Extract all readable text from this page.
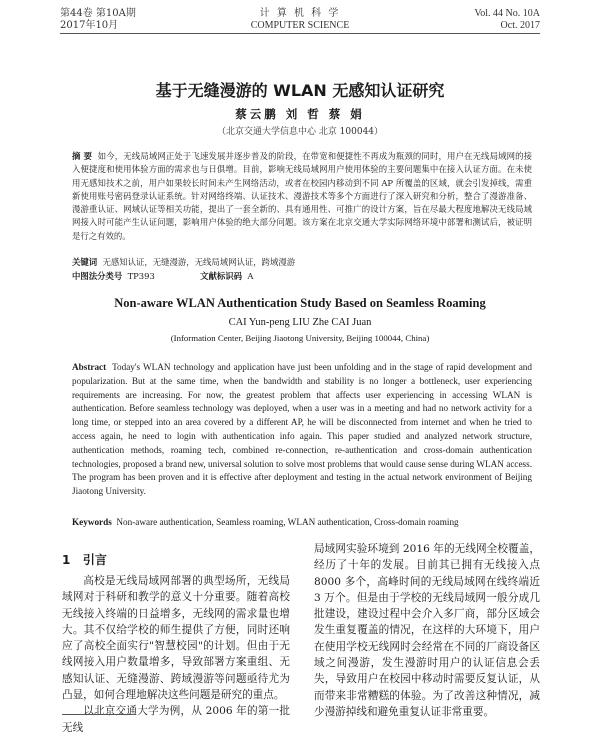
第44卷 第10A期
2017年10月
计 算 机 科 学
COMPUTER SCIENCE
Vol. 44 No. 10A
Oct. 2017
基于无缝漫游的 WLAN 无感知认证研究
蔡云鹏 刘 哲 蔡 娟
（北京交通大学信息中心 北京 100044）
摘 要 如今，无线局域网正处于飞速发展并逐步普及的阶段，在带宽和便捷性不再成为瓶颈的同时，用户在无线局域网的接入便捷度和使用体验方面的需求也与日俱增。目前，影响无线局域网用户使用体验的主要问题集中在接入认证方面。在未使用无感知技术之前，用户如果较长时间未产生网络活动，或者在校园内移动到不同 AP 所覆盖的区域，就会引发掉线，需重新使用账号密码登录认证系统。针对网络终端、认证技术、漫游技术等多个方面进行了深入研究和分析，整合了漫游准备、漫游重认证、网域认证等相关功能，提出了一套全新的、具有通用性、可推广的设计方案，旨在尽最大程度地解决无线局域网接入时可能产生认证问题，影响用户体验的绝大部分问题。该方案在北京交通大学实际网络环境中部署和测试后，被证明是行之有效的。
关键词 无感知认证，无缝漫游，无线局域网认证，跨域漫游
中图法分类号 TP393	文献标识码 A
Non-aware WLAN Authentication Study Based on Seamless Roaming
CAI Yun-peng LIU Zhe CAI Juan
(Information Center, Beijing Jiaotong University, Beijing 100044, China)
Abstract Today's WLAN technology and application have just been unfolding and in the stage of rapid development and popularization. But at the same time, when the bandwidth and stability is no longer a bottleneck, user experiencing requirements are increasing. For now, the greatest problem that affects user experiencing in accessing WLAN is authentication. Before seamless technology was deployed, when a user was in a meeting and had no network activity for a long time, or stepped into an area covered by a different AP, he will be disconnected from internet and when he tried to access again, he need to login with authentication info again. This paper studied and analyzed network structure, authentication methods, roaming tech, combined re-connection, re-authentication and cross-domain authentication technologies, proposed a brand new, universal solution to solve most problems that would cause sense during WLAN access. The program has been proven and it is effective after deployment and testing in the actual network environment of Beijing Jiaotong University.
Keywords Non-aware authentication, Seamless roaming, WLAN authentication, Cross-domain roaming
1 引言

高校是无线局域网部署的典型场所，无线局域网对于科研和教学的意义十分重要。随着高校无线接入终端的日益增多，无线网的需求量也增大。其不仅给学校的师生提供了方便，同时还响应了高校全面实行"智慧校园"的计划。但由于无线网接入用户数量增多，导致部署方案重组、无感知认证、无缝漫游、跨域漫游等问题亟待尤为凸显，如何合理地解决这些问题是研究的重点。

以北京交通大学为例，从 2006 年的第一批无线

局域网实验环境到 2016 年的无线网全校覆盖，经历了十年的发展。目前其已拥有无线接入点 8000 多个，高峰时间的无线局域网在线终端近 3 万个。但是由于学校的无线局域网一般分成几批建设，建设过程中会介入多厂商，部分区域会发生重复覆盖的情况，在这样的大环境下，用户在使用学校无线网时会经常在不同的厂商设备区域之间漫游，发生漫游时用户的认证信息会丢失，导致用户在校园中移动时需要反复认证，从而带来非常糟糕的体验。为了改善这种情况，减少漫游掉线和避免重复认证非常重要。
